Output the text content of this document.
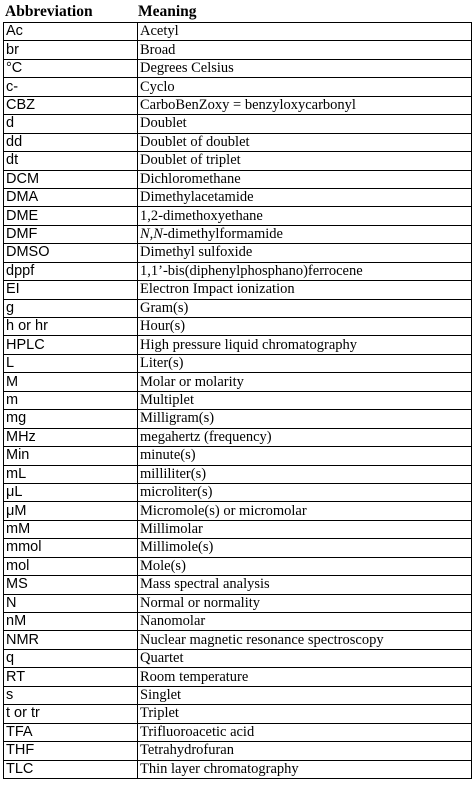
Abbreviation	Meaning
Ac	Acetyl
br	Broad
°C	Degrees Celsius
c-	Cyclo
CBZ	CarboBenZoxy = benzyloxycarbonyl
d	Doublet
dd	Doublet of doublet
dt	Doublet of triplet
DCM	Dichloromethane
DMA	Dimethylacetamide
DME	1,2-dimethoxyethane
DMF	N,N-dimethylformamide
DMSO	Dimethyl sulfoxide
dppf	1,1’-bis(diphenylphosphano)ferrocene
EI	Electron Impact ionization
g	Gram(s)
h or hr	Hour(s)
HPLC	High pressure liquid chromatography
L	Liter(s)
M	Molar or molarity
m	Multiplet
mg	Milligram(s)
MHz	megahertz (frequency)
Min	minute(s)
mL	milliliter(s)
μL	microliter(s)
μM	Micromole(s) or micromolar
mM	Millimolar
mmol	Millimole(s)
mol	Mole(s)
MS	Mass spectral analysis
N	Normal or normality
nM	Nanomolar
NMR	Nuclear magnetic resonance spectroscopy
q	Quartet
RT	Room temperature
s	Singlet
t or tr	Triplet
TFA	Trifluoroacetic acid
THF	Tetrahydrofuran
TLC	Thin layer chromatography
